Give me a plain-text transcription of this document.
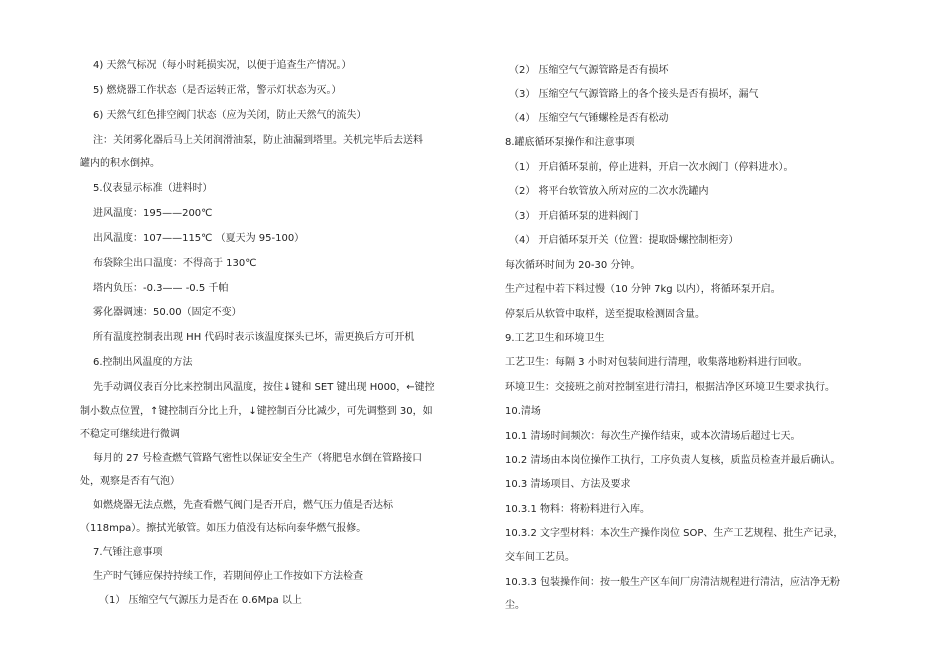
4) 天然气标况（每小时耗损实况，以便于追查生产情况。）
5) 燃烧器工作状态（是否运转正常，警示灯状态为灭。）
6) 天然气红色排空阀门状态（应为关闭，防止天然气的流失）
注：关闭雾化器后马上关闭润滑油泵，防止油漏到塔里。关机完毕后去送料
罐内的积水倒掉。
5.仪表显示标准（进料时）
进风温度：195——200℃
出风温度：107——115℃ （夏天为 95-100）
布袋除尘出口温度：不得高于 130℃
塔内负压：-0.3—— -0.5 千帕
雾化器调速：50.00（固定不变）
所有温度控制表出现 HH 代码时表示该温度探头已坏，需更换后方可开机
6.控制出风温度的方法
先手动调仪表百分比来控制出风温度，按住↓键和 SET 键出现 H000，←键控
制小数点位置，↑键控制百分比上升，↓键控制百分比减少，可先调整到 30，如
不稳定可继续进行微调
每月的 27 号检查燃气管路气密性以保证安全生产（将肥皂水倒在管路接口
处，观察是否有气泡）
如燃烧器无法点燃，先查看燃气阀门是否开启，燃气压力值是否达标
（118mpa）。擦拭光敏管。如压力值没有达标向泰华燃气报修。
7.气锤注意事项
生产时气锤应保持持续工作，若期间停止工作按如下方法检查
（1） 压缩空气气源压力是否在 0.6Mpa 以上
（2） 压缩空气气源管路是否有损坏
（3） 压缩空气气源管路上的各个接头是否有损坏，漏气
（4） 压缩空气气锤螺栓是否有松动
8.罐底循环泵操作和注意事项
（1） 开启循环泵前，停止进料，开启一次水阀门（停料进水）。
（2） 将平台软管放入所对应的二次水洗罐内
（3） 开启循环泵的进料阀门
（4） 开启循环泵开关（位置：提取卧螺控制柜旁）
每次循环时间为 20-30 分钟。
生产过程中若下料过慢（10 分钟 7kg 以内），将循环泵开启。
停泵后从软管中取样，送至提取检测固含量。
9.工艺卫生和环境卫生
工艺卫生：每隔 3 小时对包装间进行清理，收集落地粉料进行回收。
环境卫生：交接班之前对控制室进行清扫，根据洁净区环境卫生要求执行。
10.清场
10.1 清场时间频次：每次生产操作结束，或本次清场后超过七天。
10.2 清场由本岗位操作工执行，工序负责人复核，质监员检查并最后确认。
10.3 清场项目、方法及要求
10.3.1 物料：将粉料进行入库。
10.3.2 文字型材料：本次生产操作岗位 SOP、生产工艺规程、批生产记录，
交车间工艺员。
10.3.3 包装操作间：按一般生产区车间厂房清洁规程进行清洁，应洁净无粉
尘。
